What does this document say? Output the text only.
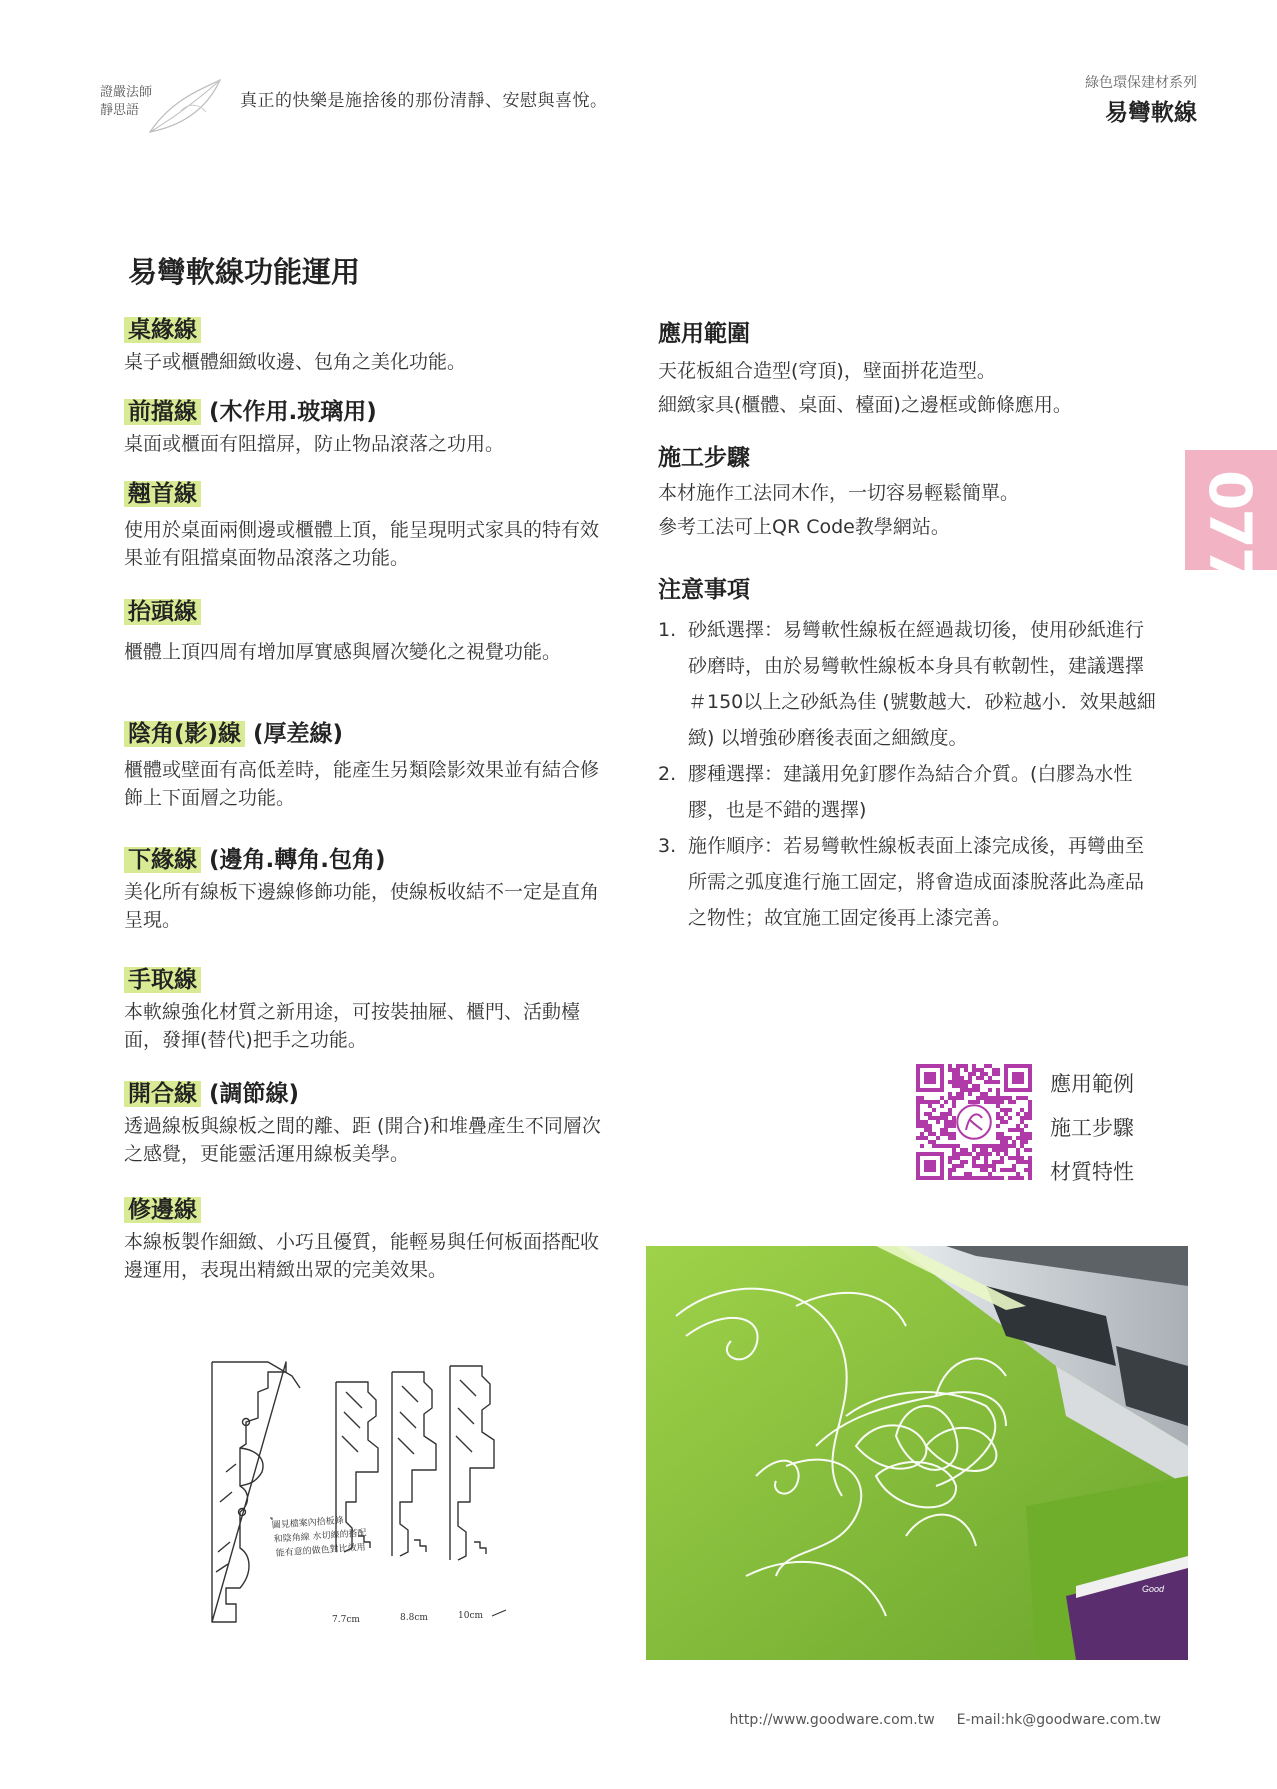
證嚴法師
靜思語	真正的快樂是施捨後的那份清靜、安慰與喜悅。
綠色環保建材系列
易彎軟線
077
易彎軟線功能運用
桌緣線
桌子或櫃體細緻收邊、包角之美化功能。
前擋線 (木作用.玻璃用)
桌面或櫃面有阻擋屏，防止物品滾落之功用。
翹首線
使用於桌面兩側邊或櫃體上頂，能呈現明式家具的特有效果並有阻擋桌面物品滾落之功能。
抬頭線
櫃體上頂四周有增加厚實感與層次變化之視覺功能。
陰角(影)線 (厚差線)
櫃體或壁面有高低差時，能產生另類陰影效果並有結合修飾上下面層之功能。
下緣線 (邊角.轉角.包角)
美化所有線板下邊線修飾功能，使線板收結不一定是直角呈現。
手取線
本軟線強化材質之新用途，可按裝抽屜、櫃門、活動檯面，發揮(替代)把手之功能。
開合線 (調節線)
透過線板與線板之間的離、距 (開合)和堆疊產生不同層次之感覺，更能靈活運用線板美學。
修邊線
本線板製作細緻、小巧且優質，能輕易與任何板面搭配收邊運用，表現出精緻出眾的完美效果。
應用範圍
天花板組合造型(穹頂)，壁面拼花造型。
細緻家具(櫃體、桌面、檯面)之邊框或飾條應用。
施工步驟
本材施作工法同木作，一切容易輕鬆簡單。
參考工法可上QR Code教學網站。
注意事項
1. 砂紙選擇：易彎軟性線板在經過裁切後，使用砂紙進行砂磨時，由於易彎軟性線板本身具有軟韌性，建議選擇＃150以上之砂紙為佳 (號數越大．砂粒越小．效果越細緻) 以增強砂磨後表面之細緻度。
2. 膠種選擇：建議用免釘膠作為結合介質。(白膠為水性膠，也是不錯的選擇)
3. 施作順序：若易彎軟性線板表面上漆完成後，再彎曲至所需之弧度進行施工固定，將會造成面漆脫落此為產品之物性；故宜施工固定後再上漆完善。
應用範例
施工步驟
材質特性
圖見檔案內拾板條
和陰角線 水切線的搭配
能有意的做色對比效用
7.7cm	8.8cm	10cm
Good
http://www.goodware.com.tw E-mail:hk@goodware.com.tw
